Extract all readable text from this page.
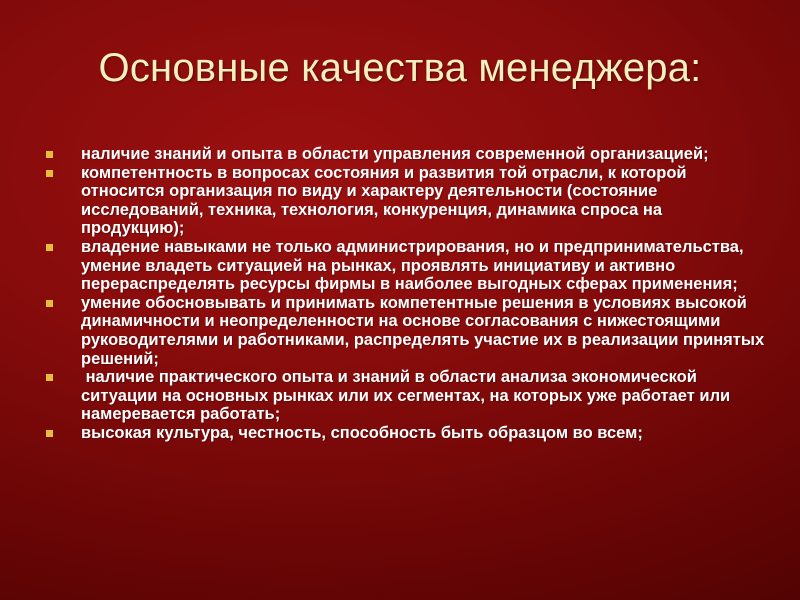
Основные качества менеджера:
наличие знаний и опыта в области управления современной организацией;
компетентность в вопросах состояния и развития той отрасли, к которой относится организация по виду и характеру деятельности (состояние исследований, техника, технология, конкуренция, динамика спроса на продукцию);
владение навыками не только администрирования, но и предпринимательства, умение владеть ситуацией на рынках, проявлять инициативу и активно перераспределять ресурсы фирмы в наиболее выгодных сферах применения;
умение обосновывать и принимать компетентные решения в условиях высокой динамичности и неопределенности на основе согласования с нижестоящими руководителями и работниками, распределять участие их в реализации принятых решений;
наличие практического опыта и знаний в области анализа экономической ситуации на основных рынках или их сегментах, на которых уже работает или намеревается работать;
высокая культура, честность, способность быть образцом во всем;
